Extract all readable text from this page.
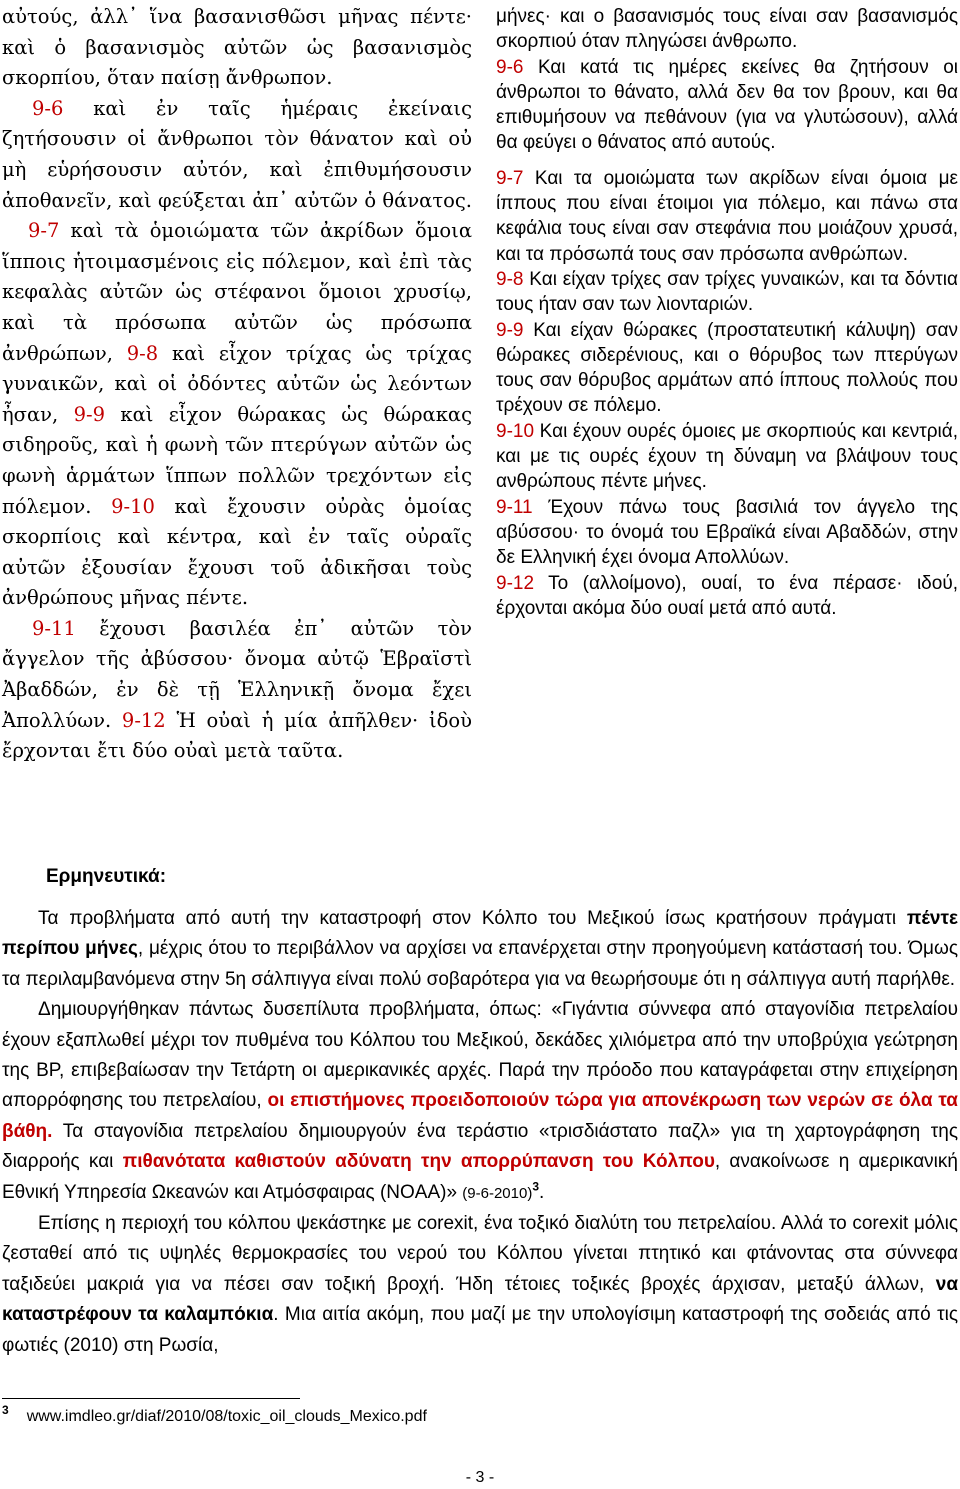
αὐτούς, ἀλλ᾽ ἵνα βασανισθῶσι μῆνας πέντε· καὶ ὁ βασανισμὸς αὐτῶν ὡς βασανισμὸς σκορπίου, ὅταν παίσῃ ἄνθρωπον.
9-6 καὶ ἐν ταῖς ἡμέραις ἐκείναις ζητήσουσιν οἱ ἄνθρωποι τὸν θάνατον καὶ οὐ μὴ εὑρήσουσιν αὐτόν, καὶ ἐπιθυμήσουσιν ἀποθανεῖν, καὶ φεύξεται ἀπ᾽ αὐτῶν ὁ θάνατος. 9-7 καὶ τὰ ὁμοιώματα τῶν ἀκρίδων ὅμοια ἵπποις ἡτοιμασμένοις εἰς πόλεμον, καὶ ἐπὶ τὰς κεφαλὰς αὐτῶν ὡς στέφανοι ὅμοιοι χρυσίῳ, καὶ τὰ πρόσωπα αὐτῶν ὡς πρόσωπα ἀνθρώπων, 9-8 καὶ εἶχον τρίχας ὡς τρίχας γυναικῶν, καὶ οἱ ὀδόντες αὐτῶν ὡς λεόντων ἦσαν, 9-9 καὶ εἶχον θώρακας ὡς θώρακας σιδηροῦς, καὶ ἡ φωνὴ τῶν πτερύγων αὐτῶν ὡς φωνὴ ἁρμάτων ἵππων πολλῶν τρεχόντων εἰς πόλεμον. 9-10 καὶ ἔχουσιν οὐρὰς ὁμοίας σκορπίοις καὶ κέντρα, καὶ ἐν ταῖς οὐραῖς αὐτῶν ἐξουσίαν ἔχουσι τοῦ ἀδικῆσαι τοὺς ἀνθρώπους μῆνας πέντε.
9-11 ἔχουσι βασιλέα ἐπ᾽ αὐτῶν τὸν ἄγγελον τῆς ἀβύσσου· ὄνομα αὐτῷ Ἑβραϊστὶ Ἀβαδδών, ἐν δὲ τῇ Ἑλληνικῇ ὄνομα ἔχει Ἀπολλύων. 9-12 Ἡ οὐαὶ ἡ μία ἀπῆλθεν· ἰδοὺ ἔρχονται ἔτι δύο οὐαὶ μετὰ ταῦτα.

μήνες· και ο βασανισμός τους είναι σαν βασανισμός σκορπιού όταν πληγώσει άνθρωπο.

9-6 Και κατά τις ημέρες εκείνες θα ζητήσουν οι άνθρωποι το θάνατο, αλλά δεν θα τον βρουν, και θα επιθυμήσουν να πεθάνουν (για να γλυτώσουν), αλλά θα φεύγει ο θάνατος από αυτούς.

9-7 Και τα ομοιώματα των ακρίδων είναι όμοια με ίππους που είναι έτοιμοι για πόλεμο, και πάνω στα κεφάλια τους είναι σαν στεφάνια που μοιάζουν χρυσά, και τα πρόσωπά τους σαν πρόσωπα ανθρώπων.

9-8 Και είχαν τρίχες σαν τρίχες γυναικών, και τα δόντια τους ήταν σαν των λιονταριών.

9-9 Και είχαν θώρακες (προστατευτική κάλυψη) σαν θώρακες σιδερένιους, και ο θόρυβος των πτερύγων τους σαν θόρυβος αρμάτων από ίππους πολλούς που τρέχουν σε πόλεμο.

9-10 Και έχουν ουρές όμοιες με σκορπιούς και κεντριά, και με τις ουρές έχουν τη δύναμη να βλάψουν τους ανθρώπους πέντε μήνες.

9-11 Έχουν πάνω τους βασιλιά τον άγγελο της αβύσσου· το όνομά του Εβραϊκά είναι Αβαδδών, στην δε Ελληνική έχει όνομα Απολλύων.

9-12 Το (αλλοίμονο), ουαί, το ένα πέρασε· ιδού, έρχονται ακόμα δύο ουαί μετά από αυτά.

Ερμηνευτικά:

Τα προβλήματα από αυτή την καταστροφή στον Κόλπο του Μεξικού ίσως κρατήσουν πράγματι πέντε περίπου μήνες, μέχρις ότου το περιβάλλον να αρχίσει να επανέρχεται στην προηγούμενη κατάστασή του. Όμως τα περιλαμβανόμενα στην 5η σάλπιγγα είναι πολύ σοβαρότερα για να θεωρήσουμε ότι η σάλπιγγα αυτή παρήλθε.

Δημιουργήθηκαν πάντως δυσεπίλυτα προβλήματα, όπως: «Γιγάντια σύννεφα από σταγονίδια πετρελαίου έχουν εξαπλωθεί μέχρι τον πυθμένα του Κόλπου του Μεξικού, δεκάδες χιλιόμετρα από την υποβρύχια γεώτρηση της BP, επιβεβαίωσαν την Τετάρτη οι αμερικανικές αρχές. Παρά την πρόοδο που καταγράφεται στην επιχείρηση απορρόφησης του πετρελαίου, οι επιστήμονες προειδοποιούν τώρα για απονέκρωση των νερών σε όλα τα βάθη. Τα σταγονίδια πετρελαίου δημιουργούν ένα τεράστιο «τρισδιάστατο παζλ» για τη χαρτογράφηση της διαρροής και πιθανότατα καθιστούν αδύνατη την απορρύπανση του Κόλπου, ανακοίνωσε η αμερικανική Εθνική Υπηρεσία Ωκεανών και Ατμόσφαιρας (NOAA)» $(9-6-2010)^3$.

Επίσης η περιοχή του κόλπου ψεκάστηκε με corexit, ένα τοξικό διαλύτη του πετρελαίου. Αλλά το corexit μόλις ζεσταθεί από τις υψηλές θερμοκρασίες του νερού του Κόλπου γίνεται πτητικό και φτάνοντας στα σύννεφα ταξιδεύει μακριά για να πέσει σαν τοξική βροχή. Ήδη τέτοιες τοξικές βροχές άρχισαν, μεταξύ άλλων, να καταστρέφουν τα καλαμπόκια. Μια αιτία ακόμη, που μαζί με την υπολογίσιμη καταστροφή της σοδειάς από τις φωτιές (2010) στη Ρωσία,

$^3$ www.imdleo.gr/diaf/2010/08/toxic_oil_clouds_Mexico.pdf
- 3 -
